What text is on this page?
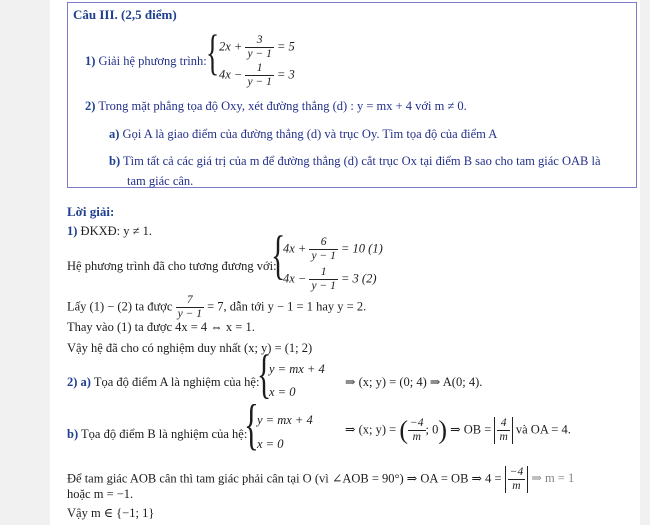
Câu III. (2,5 điểm)
1) Giải hệ phương trình: { $2x + \frac{3}{y - 1} = 5$
$4x - \frac{1}{y - 1} = 3$
2) Trong mặt phẳng tọa độ Oxy, xét đường thẳng (d) : y = mx + 4 với m ≠ 0.
a) Gọi A là giao điểm của đường thẳng (d) và trục Oy. Tìm tọa độ của điểm A
b) Tìm tất cả các giá trị của m để đường thẳng (d) cắt trục Ox tại điểm B sao cho tam giác OAB là
tam giác cân.
Lời giải:
1) ĐKXĐ: y ≠ 1.
Hệ phương trình đã cho tương đương với:
{
$4x + \frac{6}{y - 1} = 10$ (1)
$4x - \frac{1}{y - 1} = 3$ (2)
Lấy (1) − (2) ta được $\frac{7}{y - 1} = 7$, dẫn tới y − 1 = 1 hay y = 2.
Thay vào (1) ta được 4x = 4 ⇔ x = 1.
Vậy hệ đã cho có nghiệm duy nhất (x; y) = (1; 2)
2) a) Tọa độ điểm A là nghiệm của hệ:
{
y = mx + 4
x = 0
⇒ (x; y) = (0; 4) ⇒ A(0; 4).
b) Tọa độ điểm B là nghiệm của hệ:
{
y = mx + 4
x = 0
⇒ (x; y) = ( $\frac{-4}{m}$ ; 0) ⇒ OB = $\frac{4}{m}$ và OA = 4.
Để tam giác AOB cân thì tam giác phải cân tại O (vì ∠AOB = 90°) ⇒ OA = OB ⇒ $4 = \frac{-4}{m}$ ⇒ m = 1
hoặc m = −1.
Vậy m ∈ {−1; 1}
